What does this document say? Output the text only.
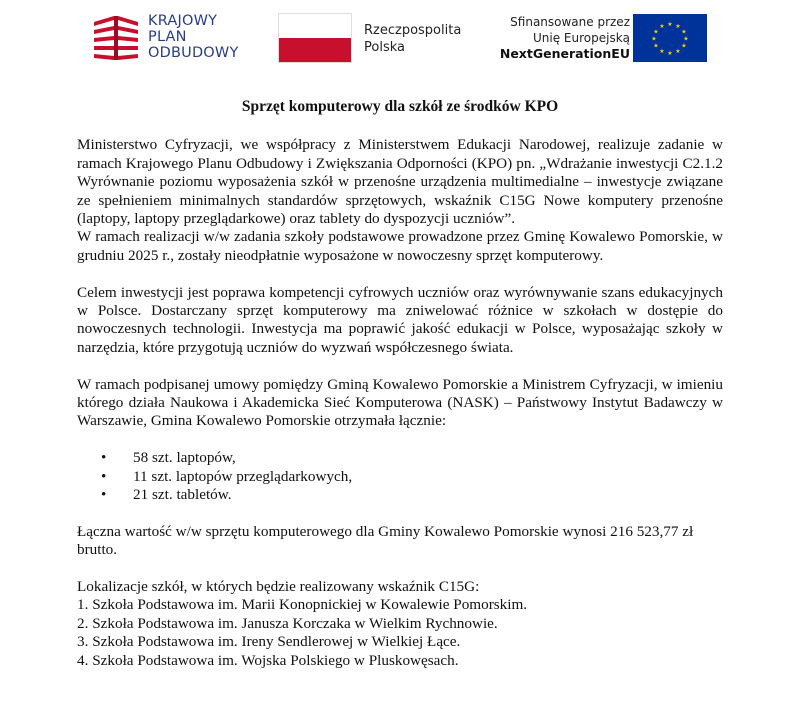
KRAJOWY
PLAN
ODBUDOWY
Rzeczpospolita
Polska
Sfinansowane przez
Unię Europejską
NextGenerationEU
★ ★
★
★
★
★
★
★
★
★
★
★
Sprzęt komputerowy dla szkół ze środków KPO

Ministerstwo Cyfryzacji, we współpracy z Ministerstwem Edukacji Narodowej, realizuje zadanie w ramach Krajowego Planu Odbudowy i Zwiększania Odporności (KPO) pn. „Wdrażanie inwestycji C2.1.2 Wyrównanie poziomu wyposażenia szkół w przenośne urządzenia multimedialne – inwestycje związane ze spełnieniem minimalnych standardów sprzętowych, wskaźnik C15G Nowe komputery przenośne (laptopy, laptopy przeglądarkowe) oraz tablety do dyspozycji uczniów”.

W ramach realizacji w/w zadania szkoły podstawowe prowadzone przez Gminę Kowalewo Pomorskie, w grudniu 2025 r., zostały nieodpłatnie wyposażone w nowoczesny sprzęt komputerowy.

Celem inwestycji jest poprawa kompetencji cyfrowych uczniów oraz wyrównywanie szans edukacyjnych w Polsce. Dostarczany sprzęt komputerowy ma zniwelować różnice w szkołach w dostępie do nowoczesnych technologii. Inwestycja ma poprawić jakość edukacji w Polsce, wyposażając szkoły w narzędzia, które przygotują uczniów do wyzwań współczesnego świata.

W ramach podpisanej umowy pomiędzy Gminą Kowalewo Pomorskie a Ministrem Cyfryzacji, w imieniu którego działa Naukowa i Akademicka Sieć Komputerowa (NASK) – Państwowy Instytut Badawczy w Warszawie, Gmina Kowalewo Pomorskie otrzymała łącznie:

• 58 szt. laptopów,
• 11 szt. laptopów przeglądarkowych,
• 21 szt. tabletów.

Łączna wartość w/w sprzętu komputerowego dla Gminy Kowalewo Pomorskie wynosi 216 523,77 zł brutto.

Lokalizacje szkół, w których będzie realizowany wskaźnik C15G:

1. Szkoła Podstawowa im. Marii Konopnickiej w Kowalewie Pomorskim.
2. Szkoła Podstawowa im. Janusza Korczaka w Wielkim Rychnowie.
3. Szkoła Podstawowa im. Ireny Sendlerowej w Wielkiej Łące.
4. Szkoła Podstawowa im. Wojska Polskiego w Pluskowęsach.
